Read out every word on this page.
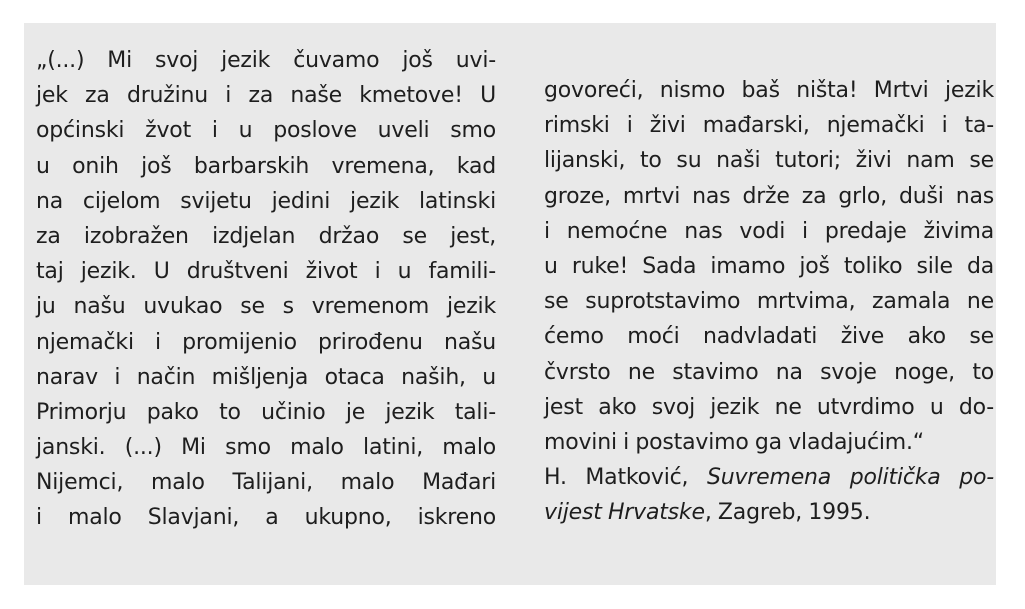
„(...) Mi svoj jezik čuvamo još uvi-
jek za družinu i za naše kmetove! U
općinski žvot i u poslove uveli smo
u onih još barbarskih vremena, kad
na cijelom svijetu jedini jezik latinski
za izobražen izdjelan držao se jest,
taj jezik. U društveni život i u famili-
ju našu uvukao se s vremenom jezik
njemački i promijenio prirođenu našu
narav i način mišljenja otaca naših, u
Primorju pako to učinio je jezik tali-
janski. (...) Mi smo malo latini, malo
Nijemci, malo Talijani, malo Mađari
i malo Slavjani, a ukupno, iskreno
govoreći, nismo baš ništa! Mrtvi jezik
rimski i živi mađarski, njemački i ta-
lijanski, to su naši tutori; živi nam se
groze, mrtvi nas drže za grlo, duši nas
i nemoćne nas vodi i predaje živima
u ruke! Sada imamo još toliko sile da
se suprotstavimo mrtvima, zamala ne
ćemo moći nadvladati žive ako se
čvrsto ne stavimo na svoje noge, to
jest ako svoj jezik ne utvrdimo u do-
movini i postavimo ga vladajućim.“
H. Matković, Suvremena politička po-
vijest Hrvatske, Zagreb, 1995.
